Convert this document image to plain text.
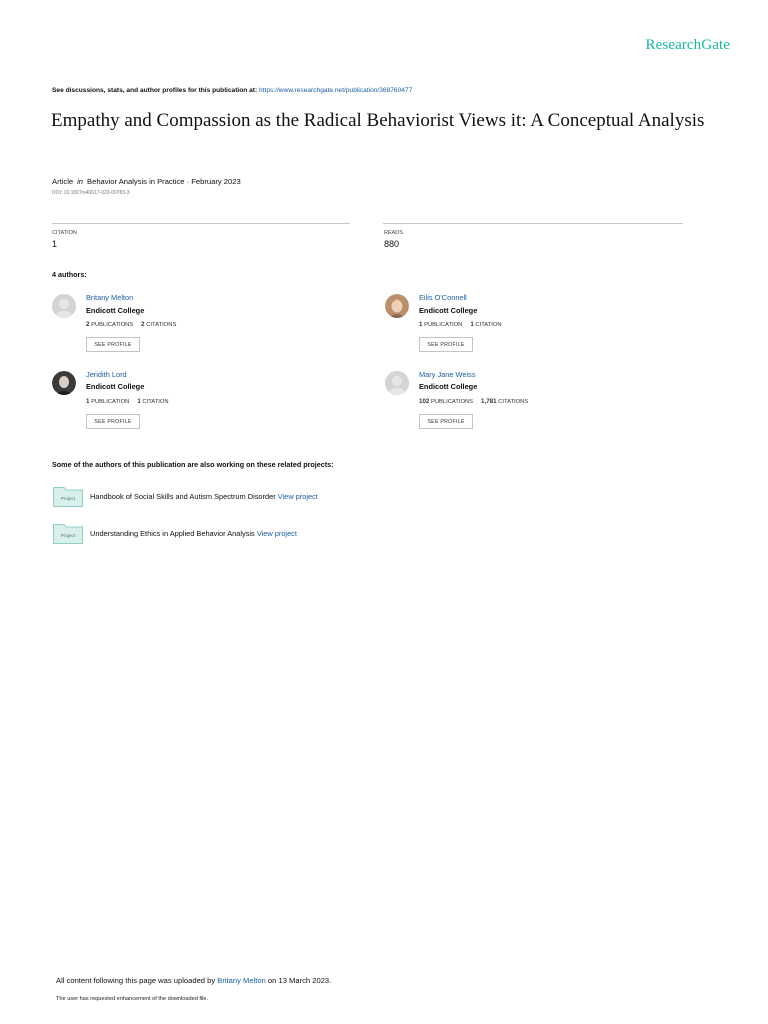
ResearchGate
See discussions, stats, and author profiles for this publication at: https://www.researchgate.net/publication/368760477
Empathy and Compassion as the Radical Behaviorist Views it: A Conceptual Analysis
Article in Behavior Analysis in Practice · February 2023
DOI: 10.1007/s40617-023-00783-3
CITATION
1
READS
880
4 authors:
Britany Melton
Endicott College
2 PUBLICATIONS 2 CITATIONS
SEE PROFILE
Eilis O'Connell
Endicott College
1 PUBLICATION 1 CITATION
SEE PROFILE
Jeridith Lord
Endicott College
1 PUBLICATION 1 CITATION
SEE PROFILE
Mary Jane Weiss
Endicott College
102 PUBLICATIONS 1,781 CITATIONS
SEE PROFILE
Some of the authors of this publication are also working on these related projects:
Project Handbook of Social Skills and Autism Spectrum Disorder View project
Project Understanding Ethics in Applied Behavior Analysis View project
All content following this page was uploaded by Britany Melton on 13 March 2023.
The user has requested enhancement of the downloaded file.
